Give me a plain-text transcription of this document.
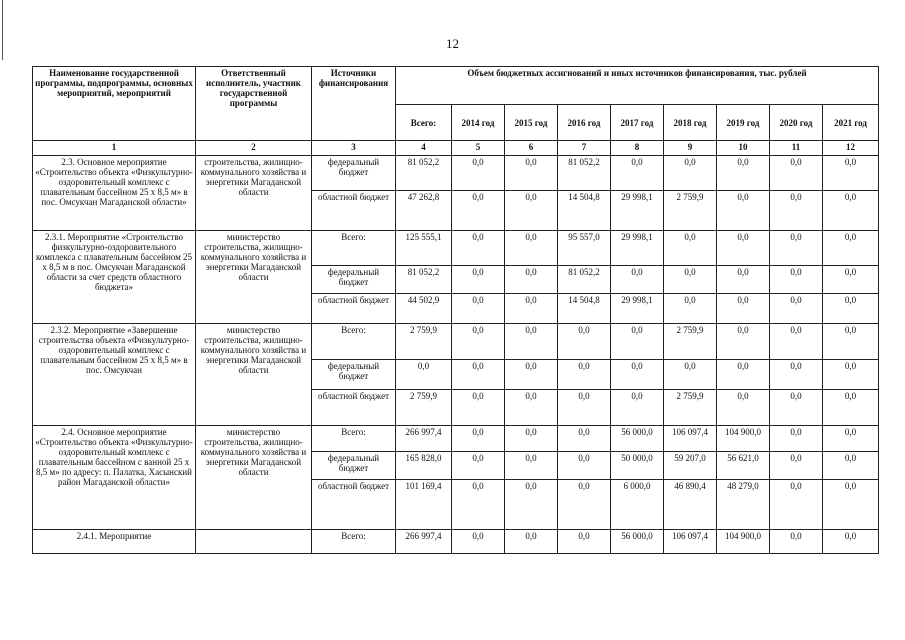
12
Наименование государственной программы, подпрограммы, основных мероприятий, мероприятий	Ответственный исполнитель, участник государственной программы	Источники финансирования	Объем бюджетных ассигнований и иных источников финансирования, тыс. рублей								
			Всего:	2014 год	2015 год	2016 год	2017 год	2018 год	2019 год	2020 год	2021 год
1	2	3	4	5	6	7	8	9	10	11	12
2.3. Основное мероприятие «Строительство объекта «Физкультурно-оздоровительный комплекс с плавательным бассейном 25 х 8,5 м» в пос. Омсукчан Магаданской области»	строительства, жилищно-коммунального хозяйства и энергетики Магаданской области	федеральный бюджет	81 052,2	0,0	0,0	81 052,2	0,0	0,0	0,0	0,0	0,0
		областной бюджет	47 262,8	0,0	0,0	14 504,8	29 998,1	2 759,9	0,0	0,0	0,0
2.3.1. Мероприятие «Строительство физкультурно-оздоровительного комплекса с плавательным бассейном 25 х 8,5 м в пос. Омсукчан Магаданской области за счет средств областного бюджета»	министерство строительства, жилищно-коммунального хозяйства и энергетики Магаданской области	Всего:	125 555,1	0,0	0,0	95 557,0	29 998,1	0,0	0,0	0,0	0,0
		федеральный бюджет	81 052,2	0,0	0,0	81 052,2	0,0	0,0	0,0	0,0	0,0
		областной бюджет	44 502,9	0,0	0,0	14 504,8	29 998,1	0,0	0,0	0,0	0,0
2.3.2. Мероприятие «Завершение строительства объекта «Физкультурно-оздоровительный комплекс с плавательным бассейном 25 х 8,5 м» в пос. Омсукчан	министерство строительства, жилищно-коммунального хозяйства и энергетики Магаданской области	Всего:	2 759,9	0,0	0,0	0,0	0,0	2 759,9	0,0	0,0	0,0
		федеральный бюджет	0,0	0,0	0,0	0,0	0,0	0,0	0,0	0,0	0,0
		областной бюджет	2 759,9	0,0	0,0	0,0	0,0	2 759,9	0,0	0,0	0,0
2.4. Основное мероприятие «Строительство объекта «Физкультурно-оздоровительный комплекс с плавательным бассейном с ванной 25 х 8,5 м» по адресу: п. Палатка, Хасынский район Магаданской области»	министерство строительства, жилищно-коммунального хозяйства и энергетики Магаданской области	Всего:	266 997,4	0,0	0,0	0,0	56 000,0	106 097,4	104 900,0	0,0	0,0
		федеральный бюджет	165 828,0	0,0	0,0	0,0	50 000,0	59 207,0	56 621,0	0,0	0,0
		областной бюджет	101 169,4	0,0	0,0	0,0	6 000,0	46 890,4	48 279,0	0,0	0,0
2.4.1. Мероприятие		Всего:	266 997,4	0,0	0,0	0,0	56 000,0	106 097,4	104 900,0	0,0	0,0
